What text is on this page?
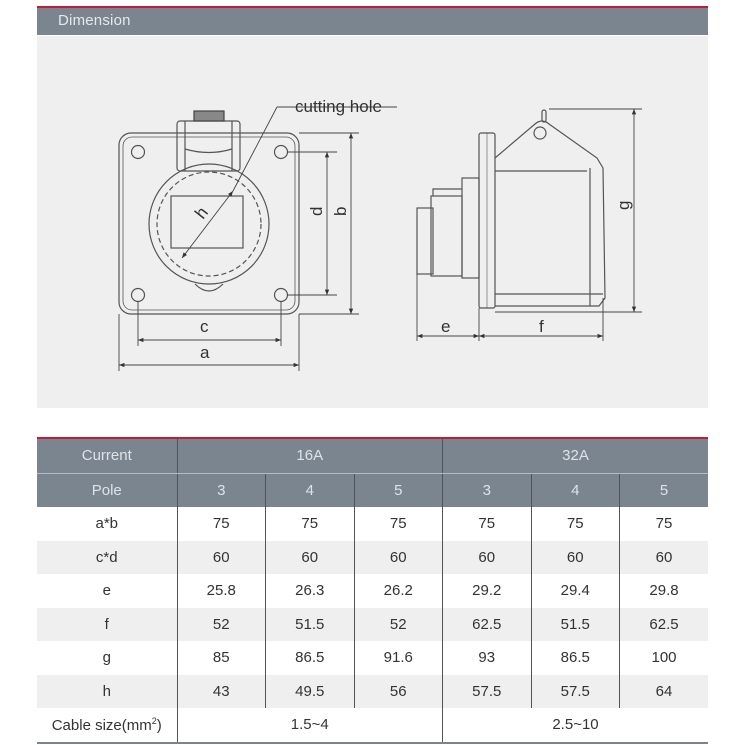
Dimension
cutting hole
h	d b
c
a
g
e	f
Current	16A			32A		
Pole	3	4	5	3	4	5
a*b	75	75	75	75	75	75
c*d	60	60	60	60	60	60
e	25.8	26.3	26.2	29.2	29.4	29.8
f	52	51.5	52	62.5	51.5	62.5
g	85	86.5	91.6	93	86.5	100
h	43	49.5	56	57.5	57.5	64
Cable $size(mm^2)$	1.5~4			2.5~10		
